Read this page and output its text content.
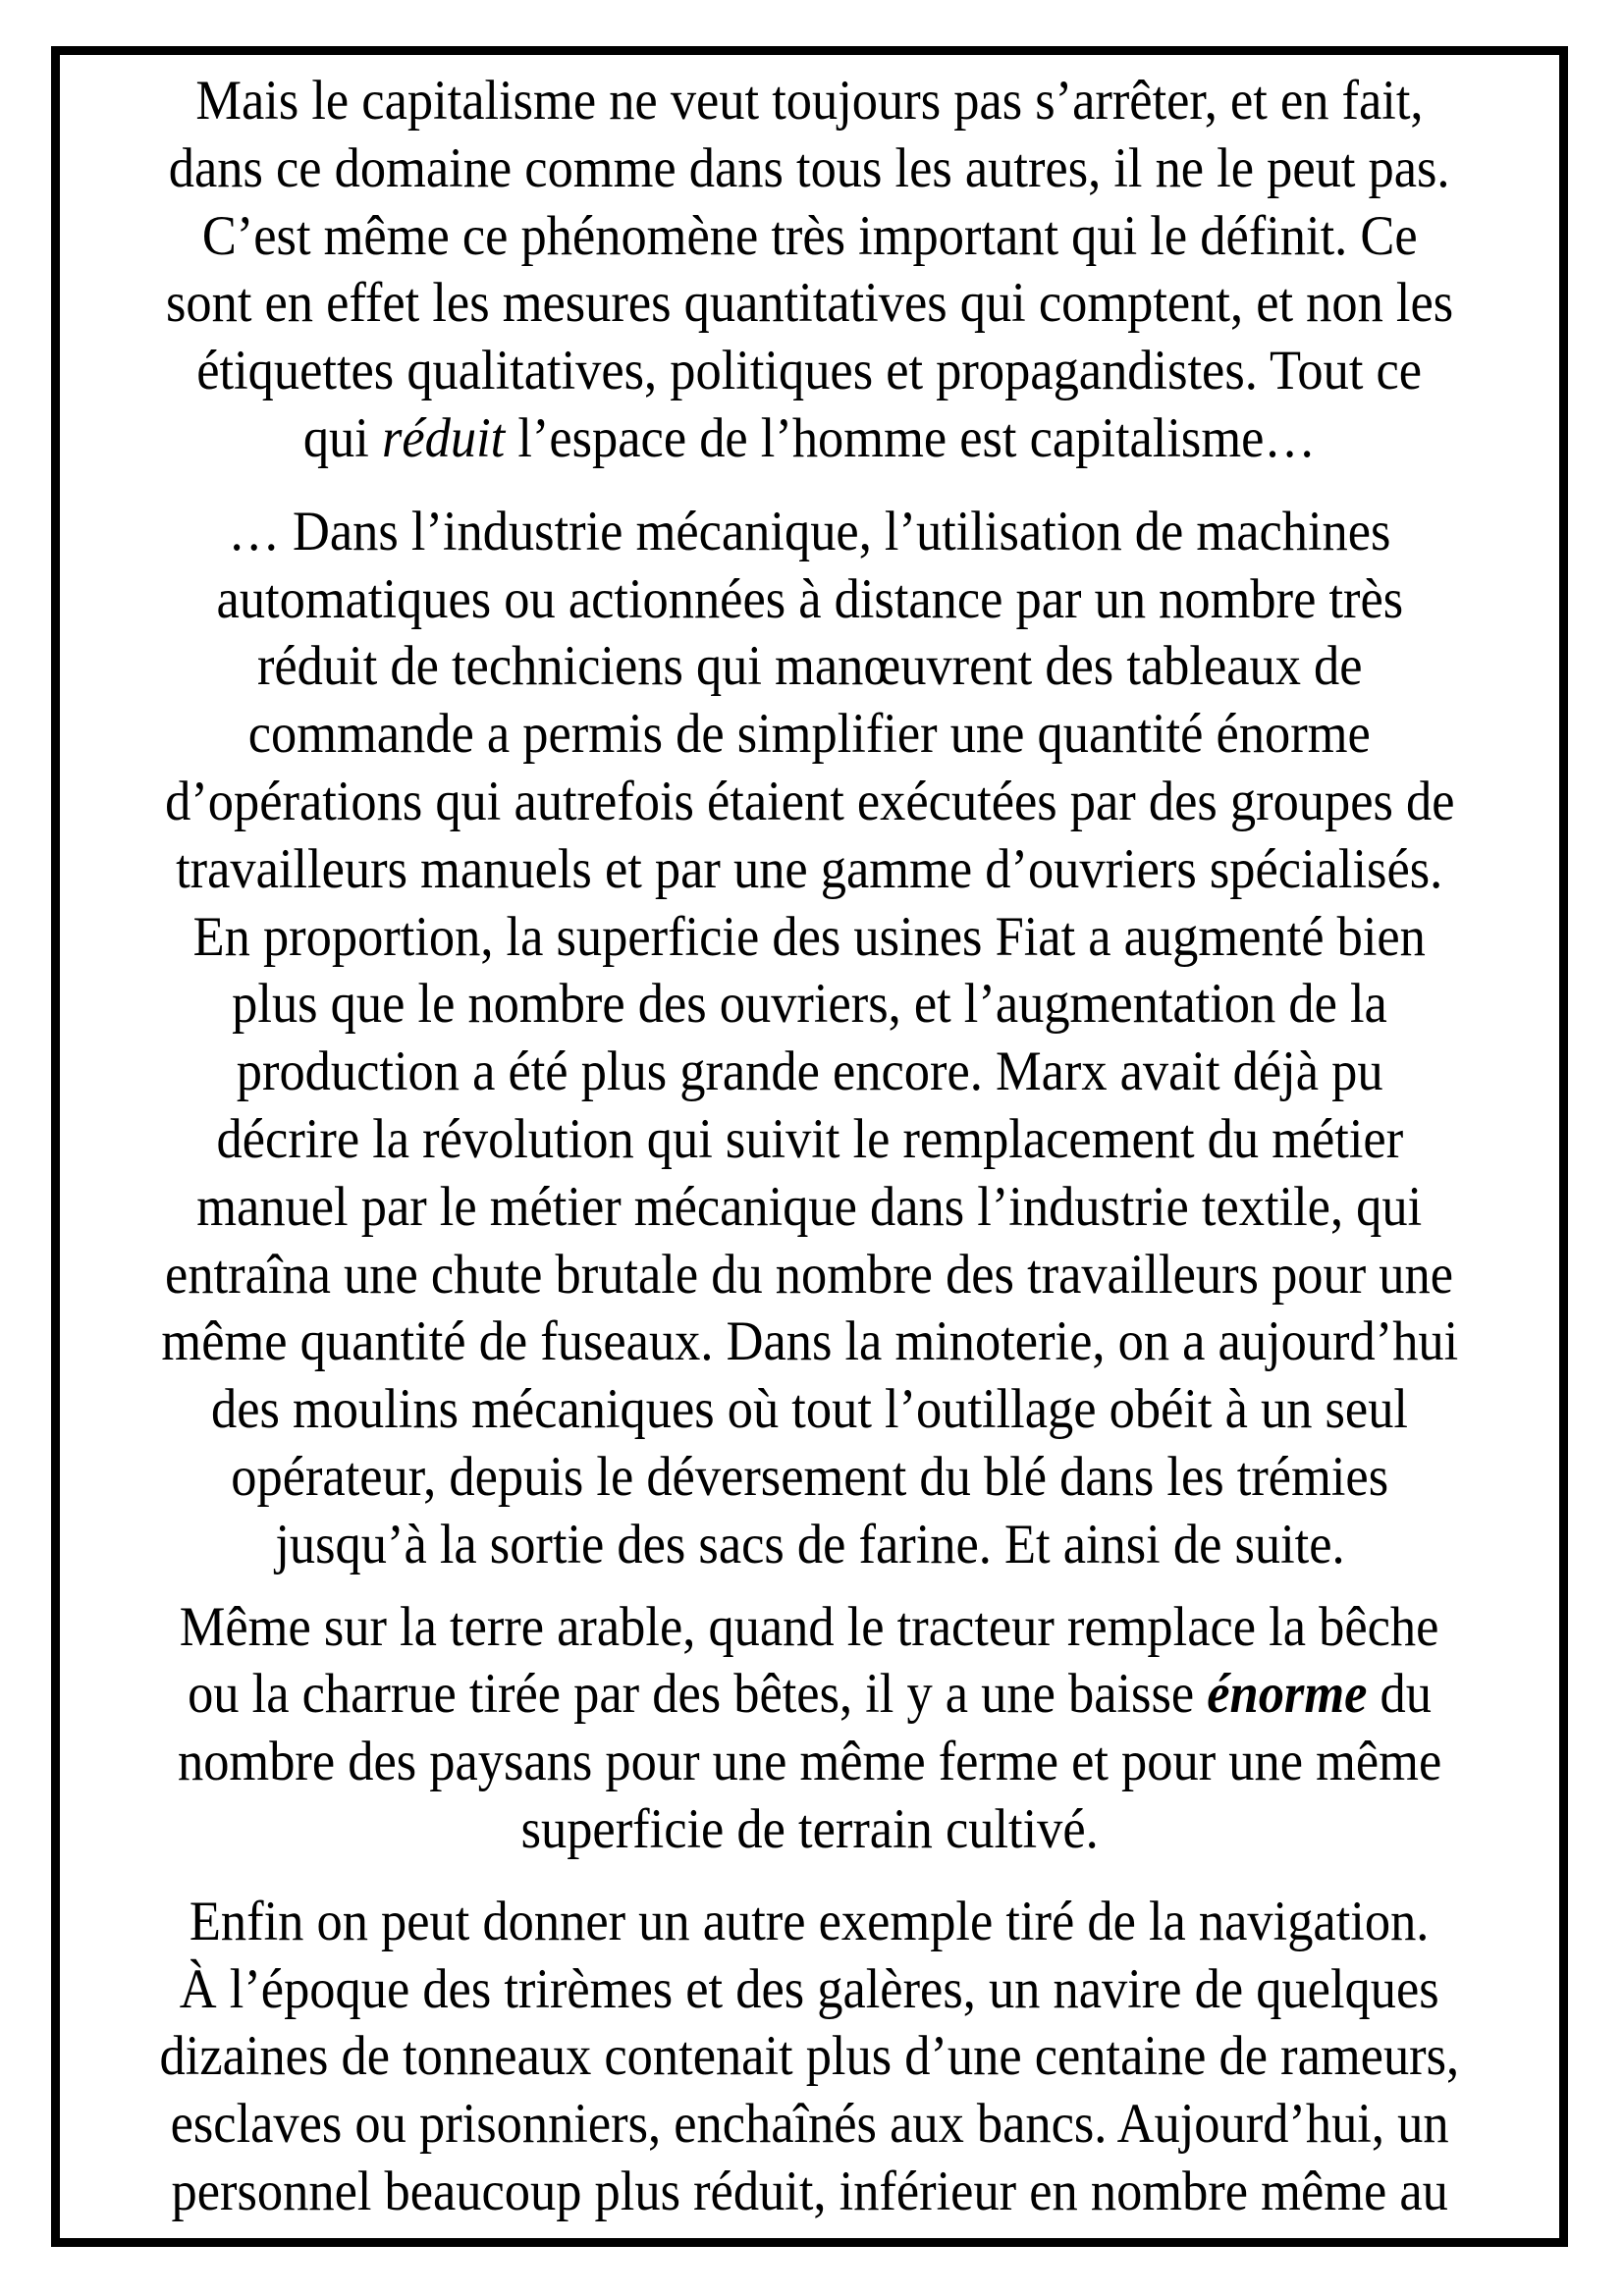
Mais le capitalisme ne veut toujours pas s’arrêter, et en fait,
dans ce domaine comme dans tous les autres, il ne le peut pas.
C’est même ce phénomène très important qui le définit. Ce
sont en effet les mesures quantitatives qui comptent, et non les
étiquettes qualitatives, politiques et propagandistes. Tout ce
qui réduit l’espace de l’homme est capitalisme…
… Dans l’industrie mécanique, l’utilisation de machines
automatiques ou actionnées à distance par un nombre très
réduit de techniciens qui manœuvrent des tableaux de
commande a permis de simplifier une quantité énorme
d’opérations qui autrefois étaient exécutées par des groupes de
travailleurs manuels et par une gamme d’ouvriers spécialisés.
En proportion, la superficie des usines Fiat a augmenté bien
plus que le nombre des ouvriers, et l’augmentation de la
production a été plus grande encore. Marx avait déjà pu
décrire la révolution qui suivit le remplacement du métier
manuel par le métier mécanique dans l’industrie textile, qui
entraîna une chute brutale du nombre des travailleurs pour une
même quantité de fuseaux. Dans la minoterie, on a aujourd’hui
des moulins mécaniques où tout l’outillage obéit à un seul
opérateur, depuis le déversement du blé dans les trémies
jusqu’à la sortie des sacs de farine. Et ainsi de suite.
Même sur la terre arable, quand le tracteur remplace la bêche
ou la charrue tirée par des bêtes, il y a une baisse énorme du
nombre des paysans pour une même ferme et pour une même
superficie de terrain cultivé.
Enfin on peut donner un autre exemple tiré de la navigation.
À l’époque des trirèmes et des galères, un navire de quelques
dizaines de tonneaux contenait plus d’une centaine de rameurs,
esclaves ou prisonniers, enchaînés aux bancs. Aujourd’hui, un
personnel beaucoup plus réduit, inférieur en nombre même au
